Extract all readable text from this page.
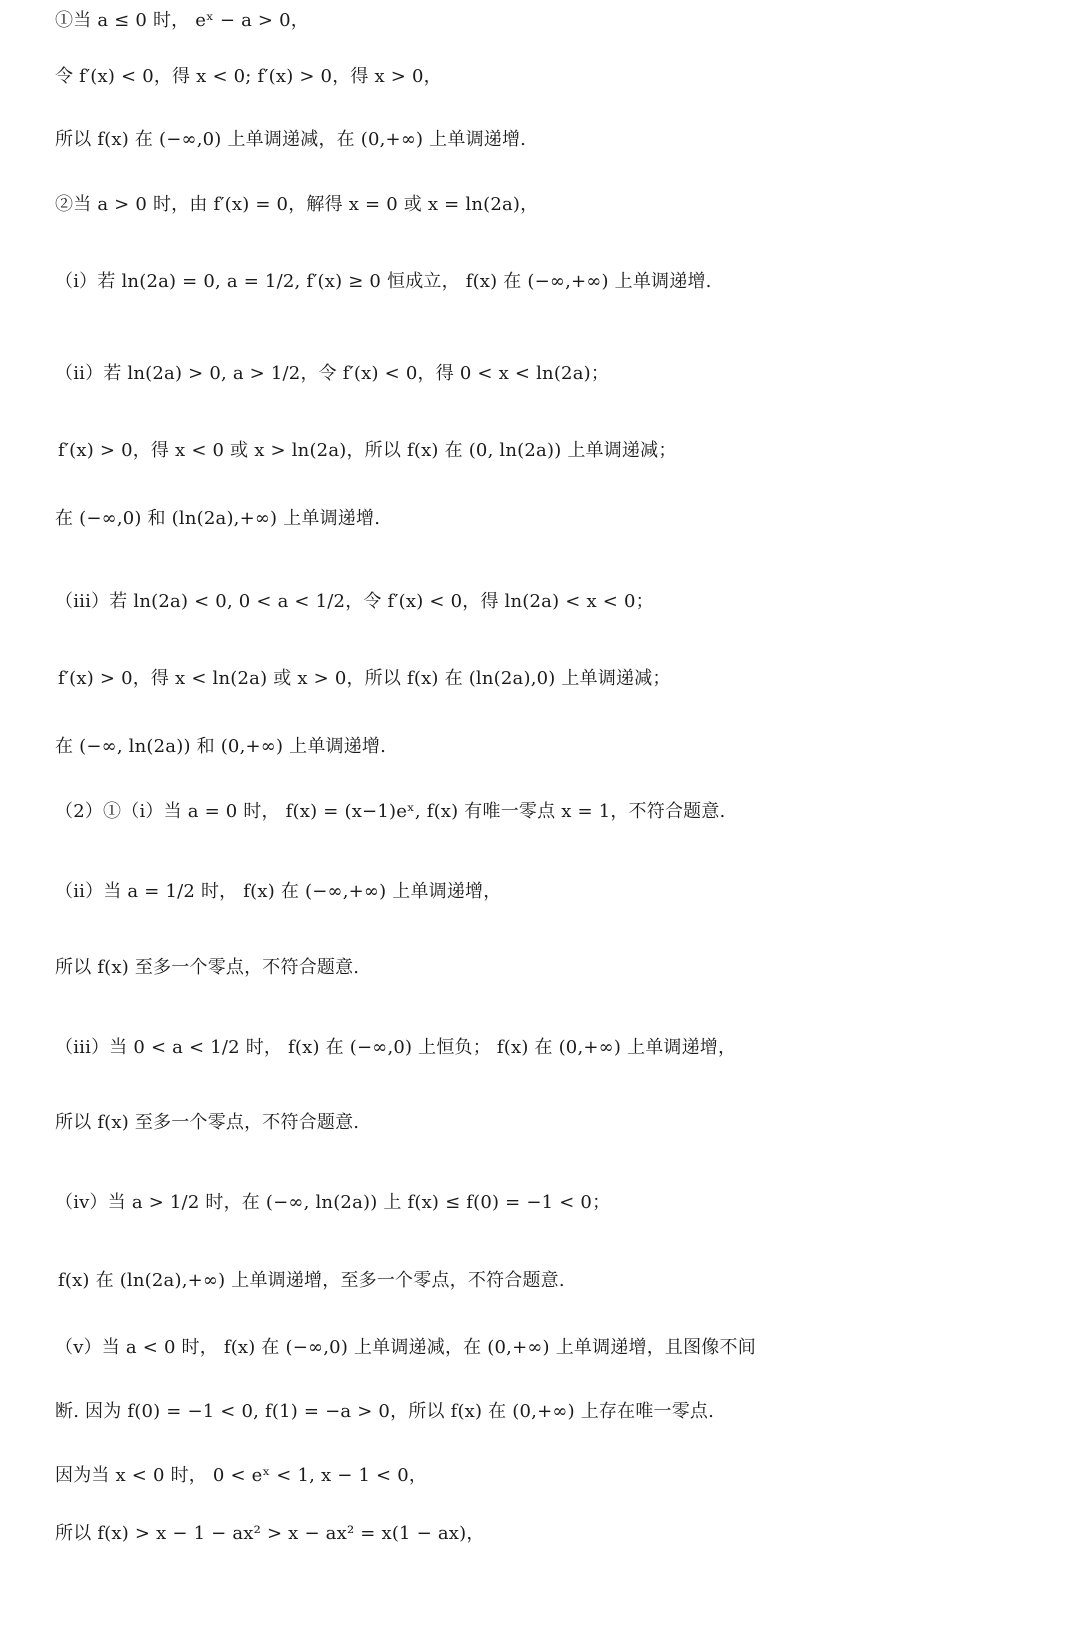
①当 a ≤ 0 时， eˣ − a > 0，
令 f′(x) < 0，得 x < 0; f′(x) > 0，得 x > 0，
所以 f(x) 在 (−∞,0) 上单调递减，在 (0,+∞) 上单调递增.
②当 a > 0 时，由 f′(x) = 0，解得 x = 0 或 x = ln(2a)，
（i）若 ln(2a) = 0, a = 1/2, f′(x) ≥ 0 恒成立， f(x) 在 (−∞,+∞) 上单调递增.
（ii）若 ln(2a) > 0, a > 1/2，令 f′(x) < 0，得 0 < x < ln(2a)；
f′(x) > 0，得 x < 0 或 x > ln(2a)，所以 f(x) 在 (0, ln(2a)) 上单调递减；
在 (−∞,0) 和 (ln(2a),+∞) 上单调递增.
（iii）若 ln(2a) < 0, 0 < a < 1/2，令 f′(x) < 0，得 ln(2a) < x < 0；
f′(x) > 0，得 x < ln(2a) 或 x > 0，所以 f(x) 在 (ln(2a),0) 上单调递减；
在 (−∞, ln(2a)) 和 (0,+∞) 上单调递增.
（2）①（i）当 a = 0 时， f(x) = (x−1)eˣ, f(x) 有唯一零点 x = 1，不符合题意.
（ii）当 a = 1/2 时， f(x) 在 (−∞,+∞) 上单调递增，
所以 f(x) 至多一个零点，不符合题意.
（iii）当 0 < a < 1/2 时， f(x) 在 (−∞,0) 上恒负； f(x) 在 (0,+∞) 上单调递增，
所以 f(x) 至多一个零点，不符合题意.
（iv）当 a > 1/2 时，在 (−∞, ln(2a)) 上 f(x) ≤ f(0) = −1 < 0；
f(x) 在 (ln(2a),+∞) 上单调递增，至多一个零点，不符合题意.
（v）当 a < 0 时， f(x) 在 (−∞,0) 上单调递减，在 (0,+∞) 上单调递增，且图像不间
断. 因为 f(0) = −1 < 0, f(1) = −a > 0，所以 f(x) 在 (0,+∞) 上存在唯一零点.
因为当 x < 0 时， 0 < eˣ < 1, x − 1 < 0，
所以 f(x) > x − 1 − ax² > x − ax² = x(1 − ax)，
